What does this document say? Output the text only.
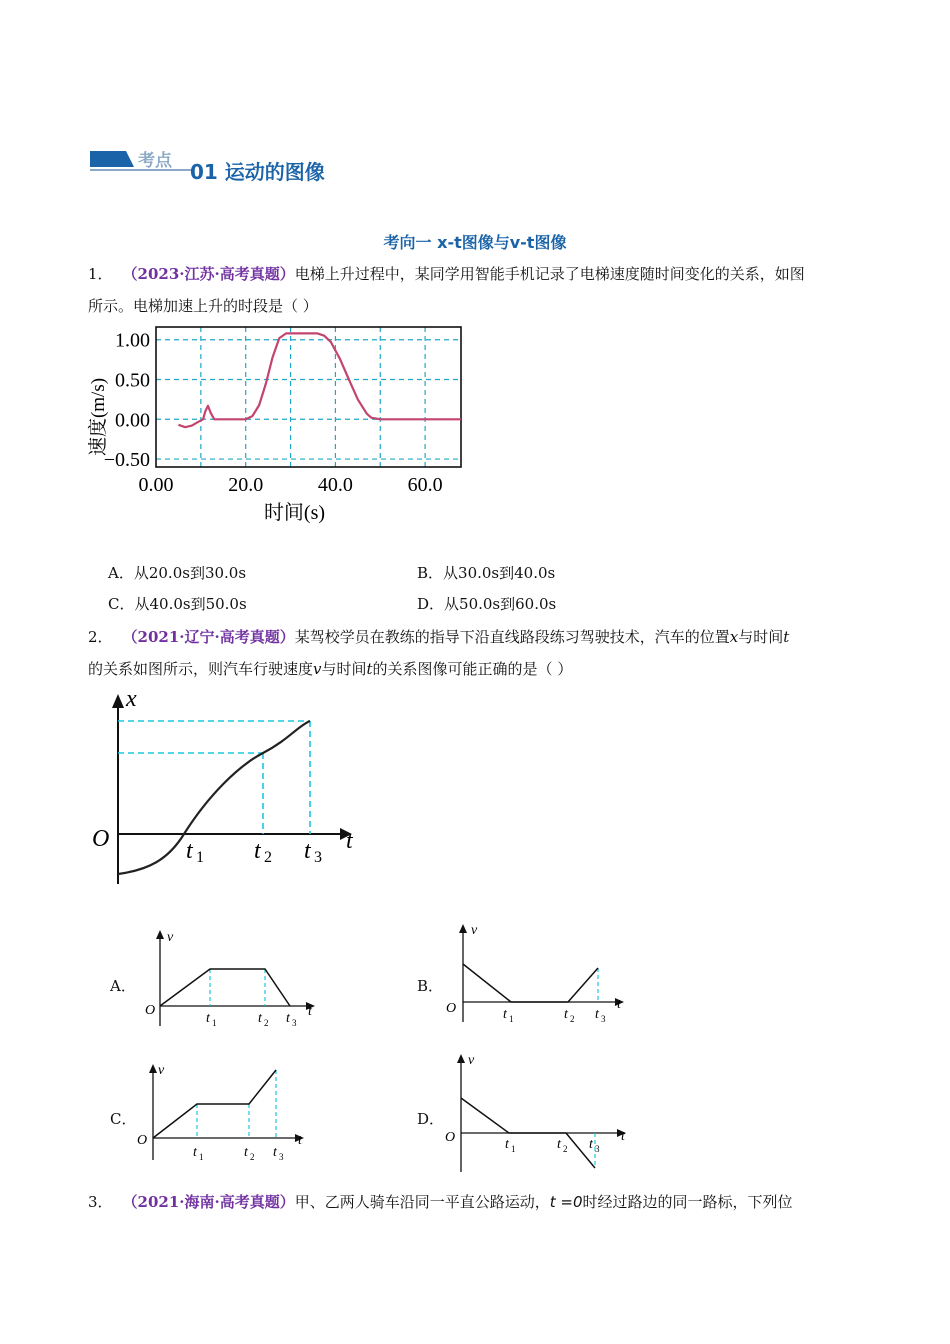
考点 01 运动的图像
考向一 x-t图像与v-t图像
1． （2023·江苏·高考真题）电梯上升过程中，某同学用智能手机记录了电梯速度随时间变化的关系，如图
所示。电梯加速上升的时段是（ ）
1.00
0.50
0.00
−0.50
0.00	20.0	40.0	60.0
时间(s)
速度(m/s)
A．从20.0s到30.0s	B．从30.0s到40.0s
C．从40.0s到50.0s	D．从50.0s到60.0s
2． （2021·辽宁·高考真题）某驾校学员在教练的指导下沿直线路段练习驾驶技术，汽车的位置x与时间t
的关系如图所示，则汽车行驶速度v与时间t的关系图像可能正确的是（ ）
x
t
O	t 1 t 2 t 3
A．
v
t
O
t 1	t 2 t 3
B．
v
t
O	t 1	t 2 t 3
C．
v
t
O
t 1	t 2 t 3
D．
v
t
O	t 1	t 2 t 3
3． （2021·海南·高考真题）甲、乙两人骑车沿同一平直公路运动，t =0时经过路边的同一路标，下列位
